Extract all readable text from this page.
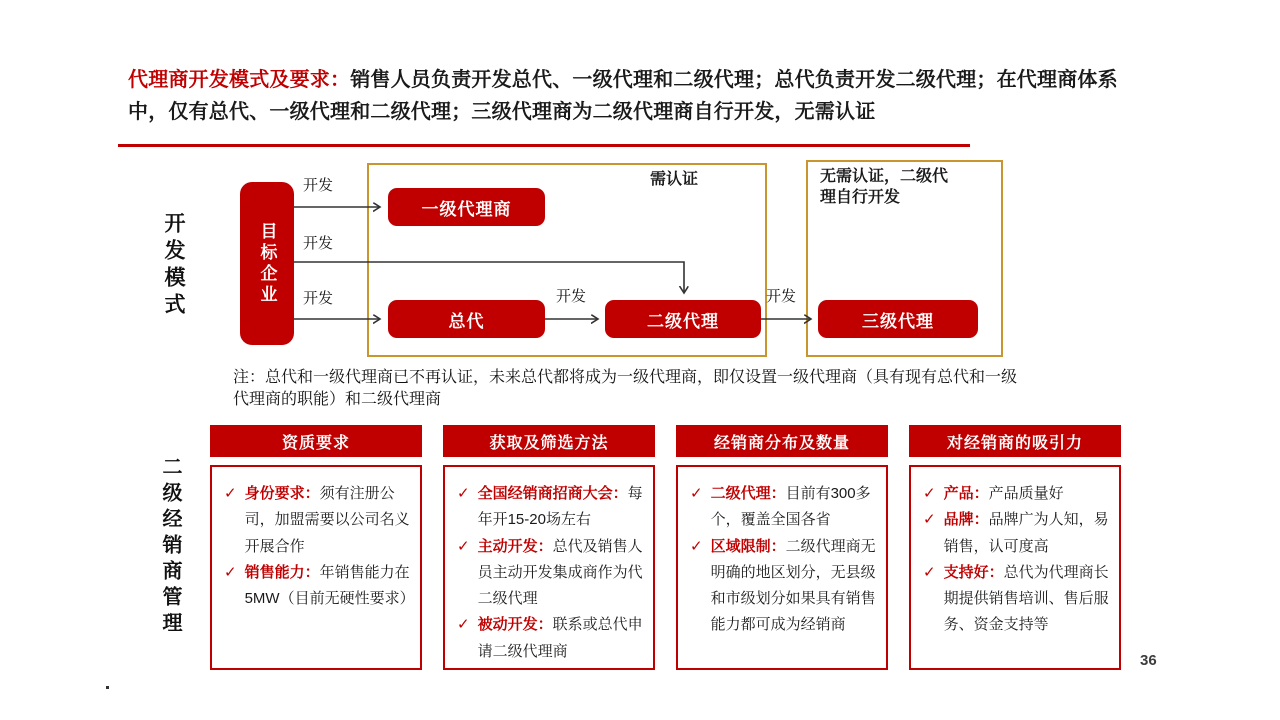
代理商开发模式及要求：销售人员负责开发总代、一级代理和二级代理；总代负责开发二级代理；在代理商体系中，仅有总代、一级代理和二级代理；三级代理商为二级代理商自行开发，无需认证
开发模式
需认证	无需认证，二级代理自行开发
目标企业
一级代理商
总代	二级代理	三级代理
开发
开发
开发	开发	开发
注：总代和一级代理商已不再认证，未来总代都将成为一级代理商，即仅设置一级代理商（具有现有总代和一级代理商的职能）和二级代理商
二级经销商管理
资质要求
✓ 身份要求：须有注册公司，加盟需要以公司名义开展合作
✓ 销售能力：年销售能力在5MW（目前无硬性要求）
获取及筛选方法
✓ 全国经销商招商大会：每年开15-20场左右
✓ 主动开发：总代及销售人员主动开发集成商作为代二级代理
✓ 被动开发：联系或总代申请二级代理商
经销商分布及数量
✓ 二级代理：目前有300多个，覆盖全国各省
✓ 区域限制：二级代理商无明确的地区划分，无县级和市级划分如果具有销售能力都可成为经销商
对经销商的吸引力
✓ 产品：产品质量好
✓ 品牌：品牌广为人知，易销售，认可度高
✓ 支持好：总代为代理商长期提供销售培训、售后服务、资金支持等
36
